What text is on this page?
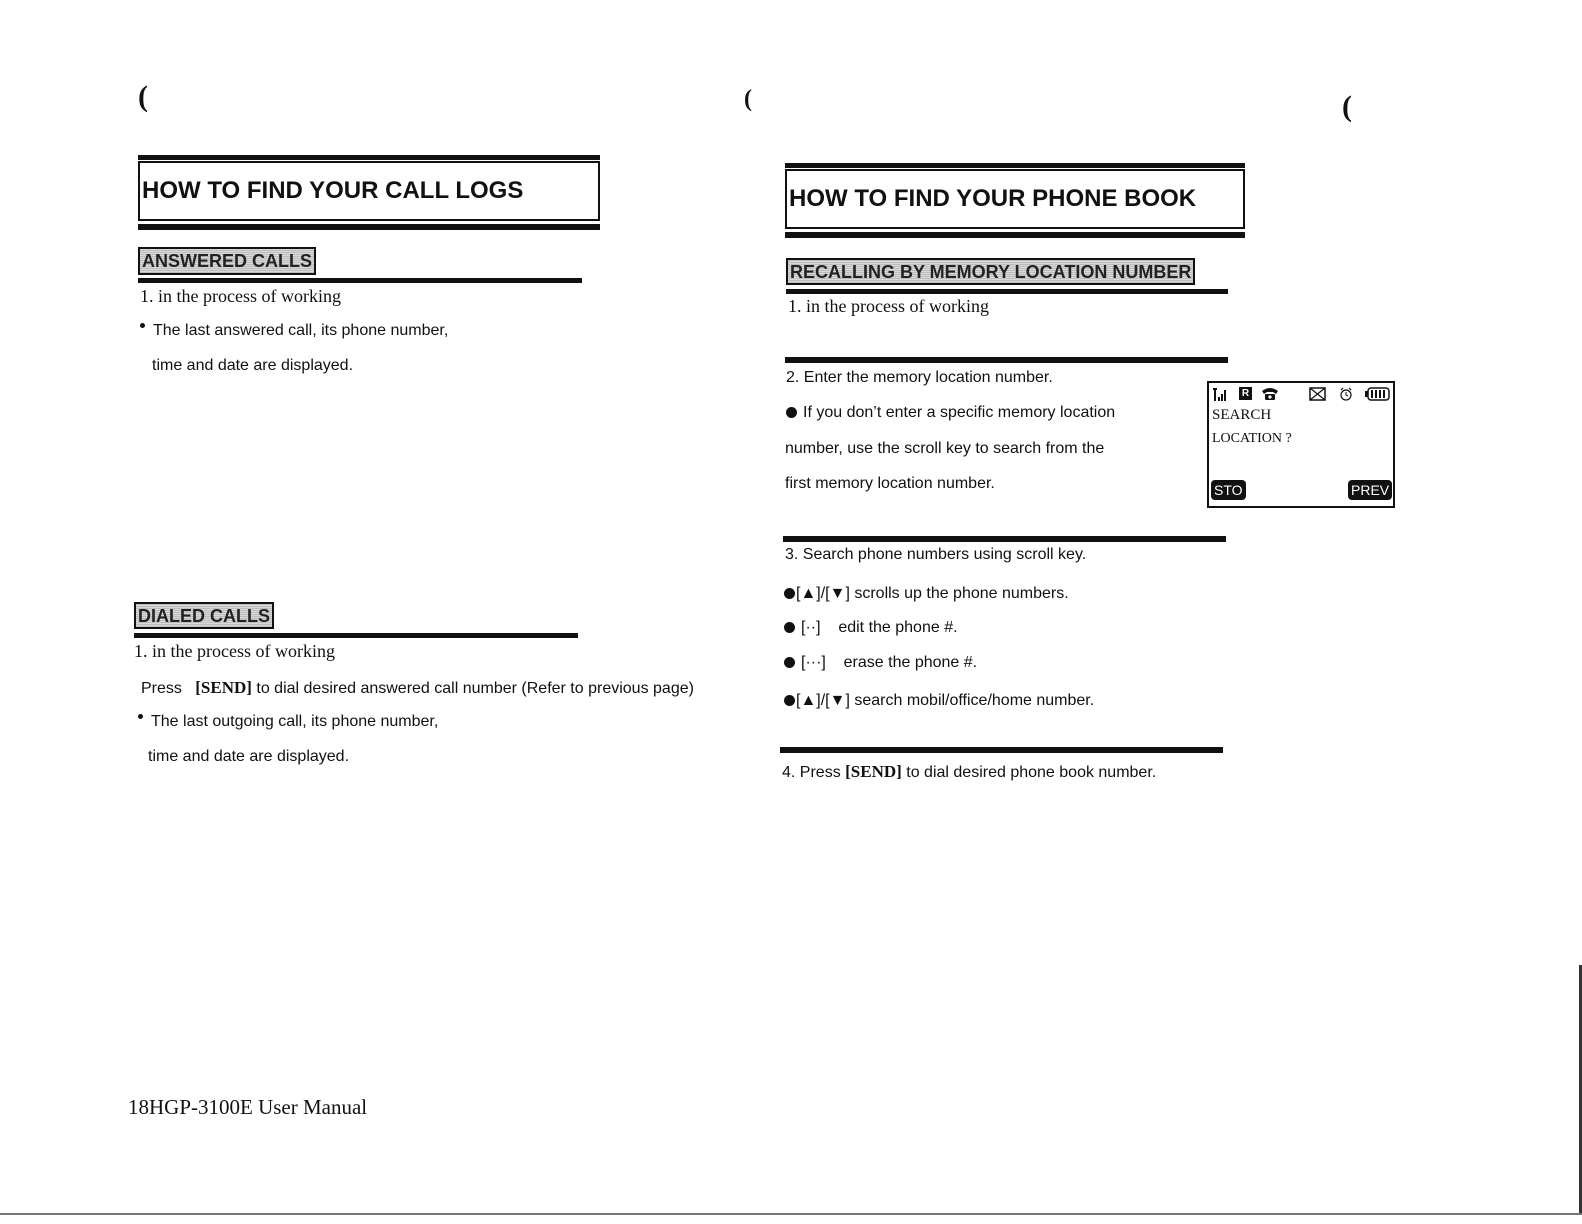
(	(	(
HOW TO FIND YOUR CALL LOGS
ANSWERED CALLS
1. in the process of working
The last answered call, its phone number,
time and date are displayed.
DIALED CALLS
1. in the process of working
Press [SEND] to dial desired answered call number (Refer to previous page)
The last outgoing call, its phone number,
time and date are displayed.
18HGP-3100E User Manual
HOW TO FIND YOUR PHONE BOOK
RECALLING BY MEMORY LOCATION NUMBER
1. in the process of working
2. Enter the memory location number.
If you don’t enter a specific memory location
number, use the scroll key to search from the
first memory location number.
R
SEARCH
LOCATION ?
STO	PREV
3. Search phone numbers using scroll key.
[▲]/[▼] scrolls up the phone numbers.
[··] edit the phone #.
[···] erase the phone #.
[▲]/[▼] search mobil/office/home number.
4. Press [SEND] to dial desired phone book number.
